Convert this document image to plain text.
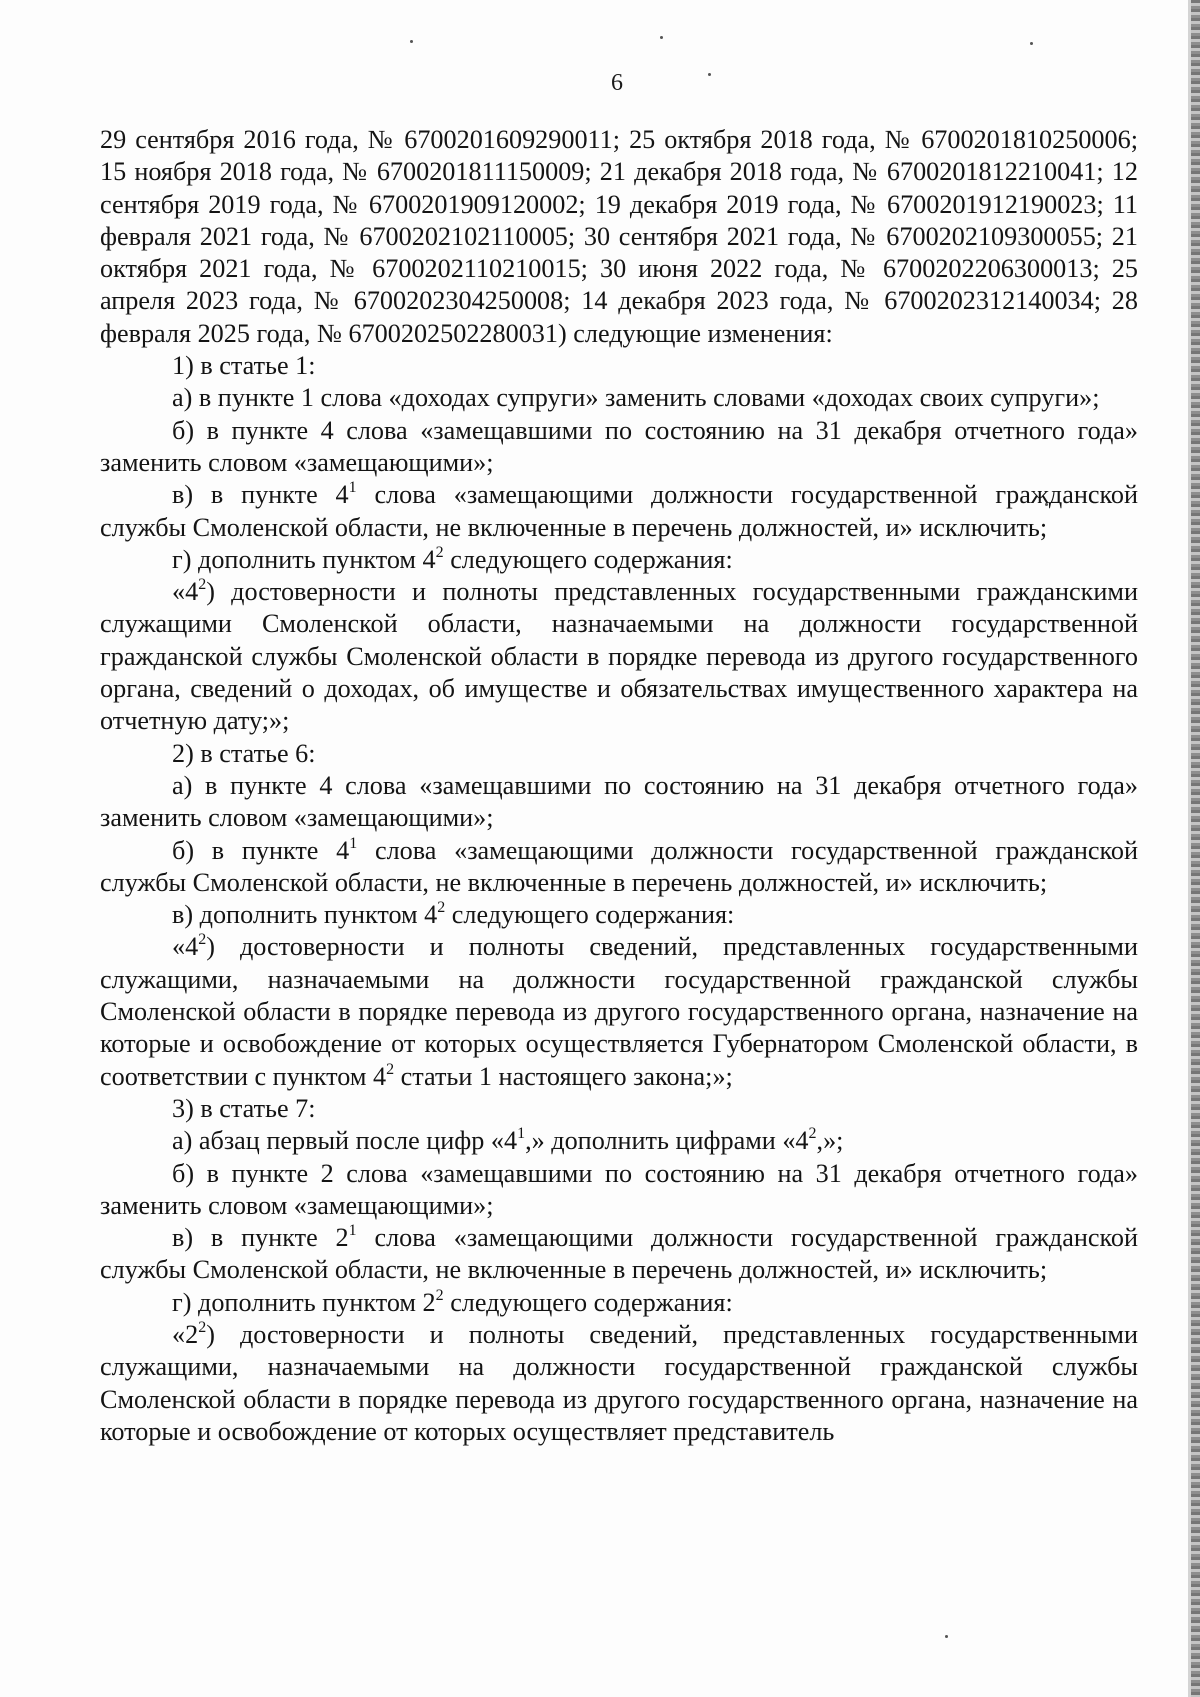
6

29 сентября 2016 года, № 6700201609290011; 25 октября 2018 года, № 6700201810250006; 15 ноября 2018 года, № 6700201811150009; 21 декабря 2018 года, № 6700201812210041; 12 сентября 2019 года, № 6700201909120002; 19 декабря 2019 года, № 6700201912190023; 11 февраля 2021 года, № 6700202102110005; 30 сентября 2021 года, № 6700202109300055; 21 октября 2021 года, № 6700202110210015; 30 июня 2022 года, № 6700202206300013; 25 апреля 2023 года, № 6700202304250008; 14 декабря 2023 года, № 6700202312140034; 28 февраля 2025 года, № 6700202502280031) следующие изменения:

1) в статье 1:

а) в пункте 1 слова «доходах супруги» заменить словами «доходах своих супруги»;

б) в пункте 4 слова «замещавшими по состоянию на 31 декабря отчетного года» заменить словом «замещающими»;

в) в пункте $4^1$ слова «замещающими должности государственной гражданской службы Смоленской области, не включенные в перечень должностей, и» исключить;

г) дополнить пунктом $4^2$ следующего содержания:

«$4^2$) достоверности и полноты представленных государственными гражданскими служащими Смоленской области, назначаемыми на должности государственной гражданской службы Смоленской области в порядке перевода из другого государственного органа, сведений о доходах, об имуществе и обязательствах имущественного характера на отчетную дату;»;

2) в статье 6:

а) в пункте 4 слова «замещавшими по состоянию на 31 декабря отчетного года» заменить словом «замещающими»;

б) в пункте $4^1$ слова «замещающими должности государственной гражданской службы Смоленской области, не включенные в перечень должностей, и» исключить;

в) дополнить пунктом $4^2$ следующего содержания:

«$4^2$) достоверности и полноты сведений, представленных государственными служащими, назначаемыми на должности государственной гражданской службы Смоленской области в порядке перевода из другого государственного органа, назначение на которые и освобождение от которых осуществляется Губернатором Смоленской области, в соответствии с пунктом $4^2$ статьи 1 настоящего закона;»;

3) в статье 7:

а) абзац первый после цифр «$4^1$,» дополнить цифрами «$4^2$,»;

б) в пункте 2 слова «замещавшими по состоянию на 31 декабря отчетного года» заменить словом «замещающими»;

в) в пункте $2^1$ слова «замещающими должности государственной гражданской службы Смоленской области, не включенные в перечень должностей, и» исключить;

г) дополнить пунктом $2^2$ следующего содержания:

«$2^2$) достоверности и полноты сведений, представленных государственными служащими, назначаемыми на должности государственной гражданской службы Смоленской области в порядке перевода из другого государственного органа, назначение на которые и освобождение от которых осуществляет представитель
